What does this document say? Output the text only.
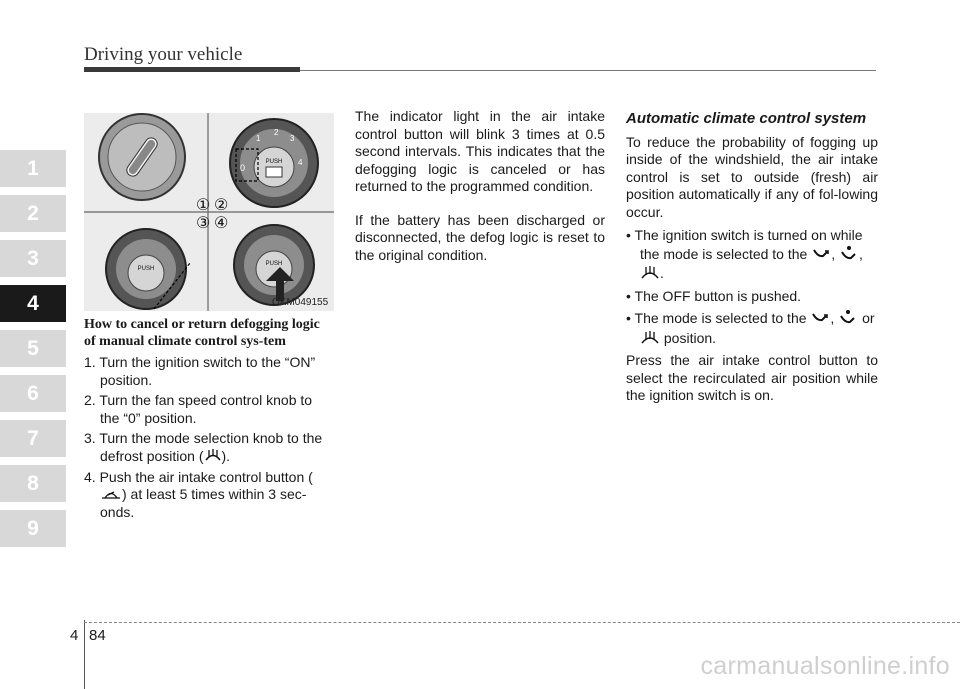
Driving your vehicle
1
2
3
4
5
6
7
8
9
PUSH
0
1
2
3
4
PUSH
PUSH
① ②
③ ④
OKM049155
How to cancel or return defogging logic of manual climate control sys-tem
1. Turn the ignition switch to the “ON” position.
2. Turn the fan speed control knob to the “0” position.
3. Turn the mode selection knob to the defrost position ( ).
4. Push the air intake control button () at least 5 times within 3 sec-onds.

The indicator light in the air intake control button will blink 3 times at 0.5 second intervals. This indicates that the defogging logic is canceled or has returned to the programmed condition.

If the battery has been discharged or disconnected, the defog logic is reset to the original condition.

Automatic climate control system

To reduce the probability of fogging up inside of the windshield, the air intake control is set to outside (fresh) air position automatically if any of fol-lowing occur.

• The ignition switch is turned on while the mode is selected to the , , .
• The OFF button is pushed.
• The mode is selected to the , or  position.

Press the air intake control button to select the recirculated air position while the ignition switch is on.

4 84
carmanualsonline.info
